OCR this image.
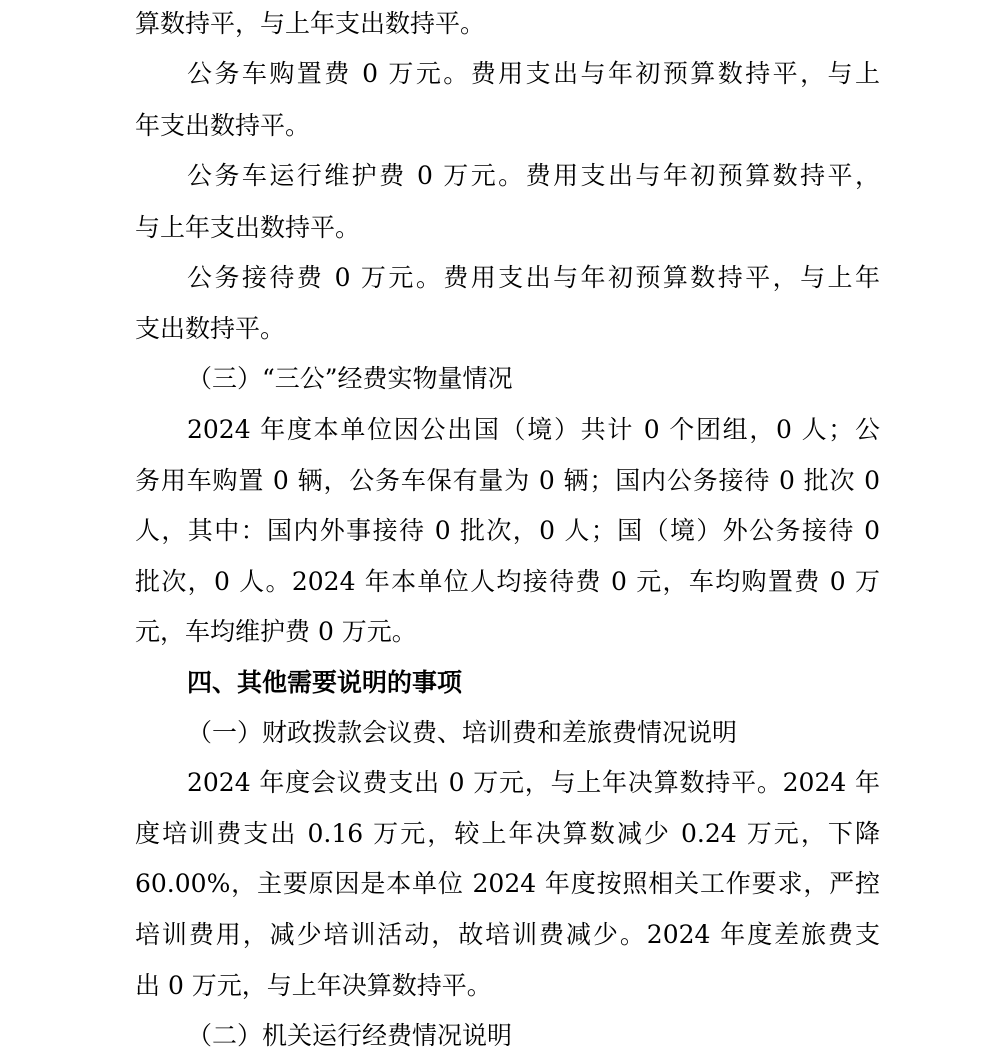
算数持平，与上年支出数持平。
公务车购置费 0 万元。费用支出与年初预算数持平，与上
年支出数持平。
公务车运行维护费 0 万元。费用支出与年初预算数持平，
与上年支出数持平。
公务接待费 0 万元。费用支出与年初预算数持平，与上年
支出数持平。
（三）“三公”经费实物量情况
2024 年度本单位因公出国（境）共计 0 个团组，0 人；公
务用车购置 0 辆，公务车保有量为 0 辆；国内公务接待 0 批次 0
人，其中：国内外事接待 0 批次，0 人；国（境）外公务接待 0
批次，0 人。2024 年本单位人均接待费 0 元，车均购置费 0 万
元，车均维护费 0 万元。
四、其他需要说明的事项
（一）财政拨款会议费、培训费和差旅费情况说明
2024 年度会议费支出 0 万元，与上年决算数持平。2024 年
度培训费支出 0.16 万元，较上年决算数减少 0.24 万元，下降
60.00%，主要原因是本单位 2024 年度按照相关工作要求，严控
培训费用，减少培训活动，故培训费减少。2024 年度差旅费支
出 0 万元，与上年决算数持平。
（二）机关运行经费情况说明
